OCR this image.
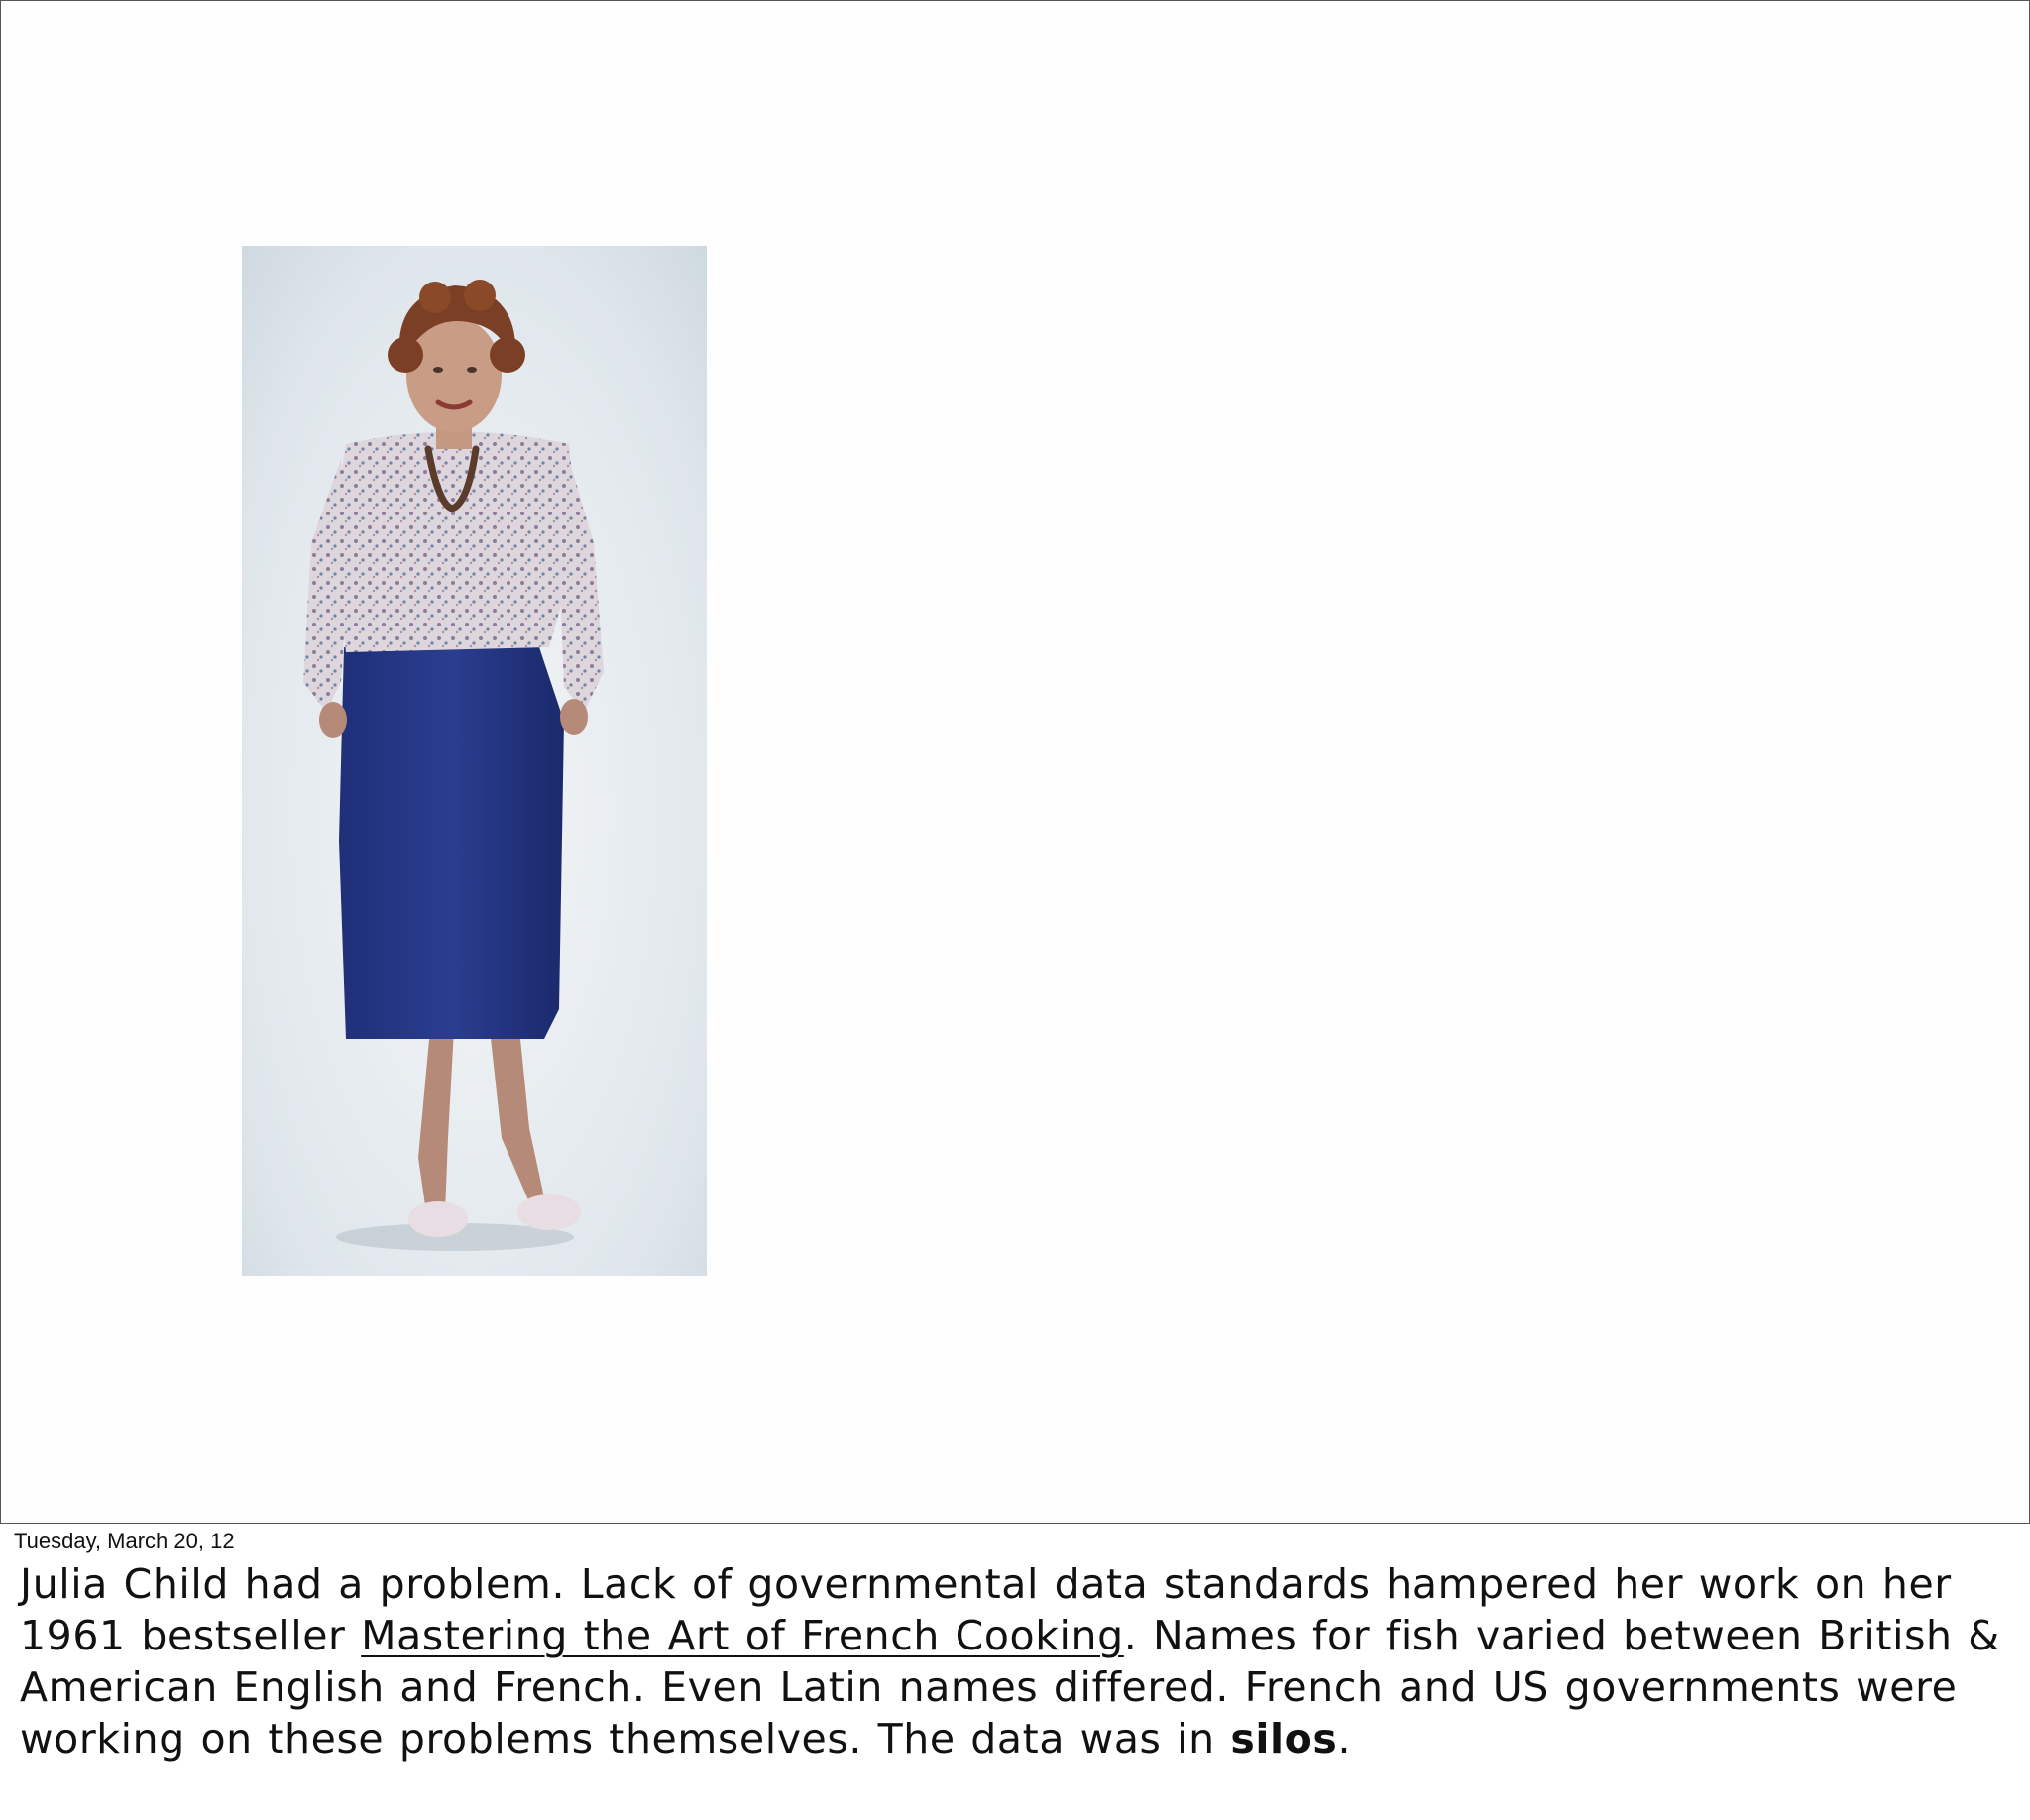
Tuesday, March 20, 12
Julia Child had a problem. Lack of governmental data standards hampered her work on her
1961 bestseller Mastering the Art of French Cooking. Names for fish varied between British &
American English and French. Even Latin names differed. French and US governments were
working on these problems themselves. The data was in silos.
